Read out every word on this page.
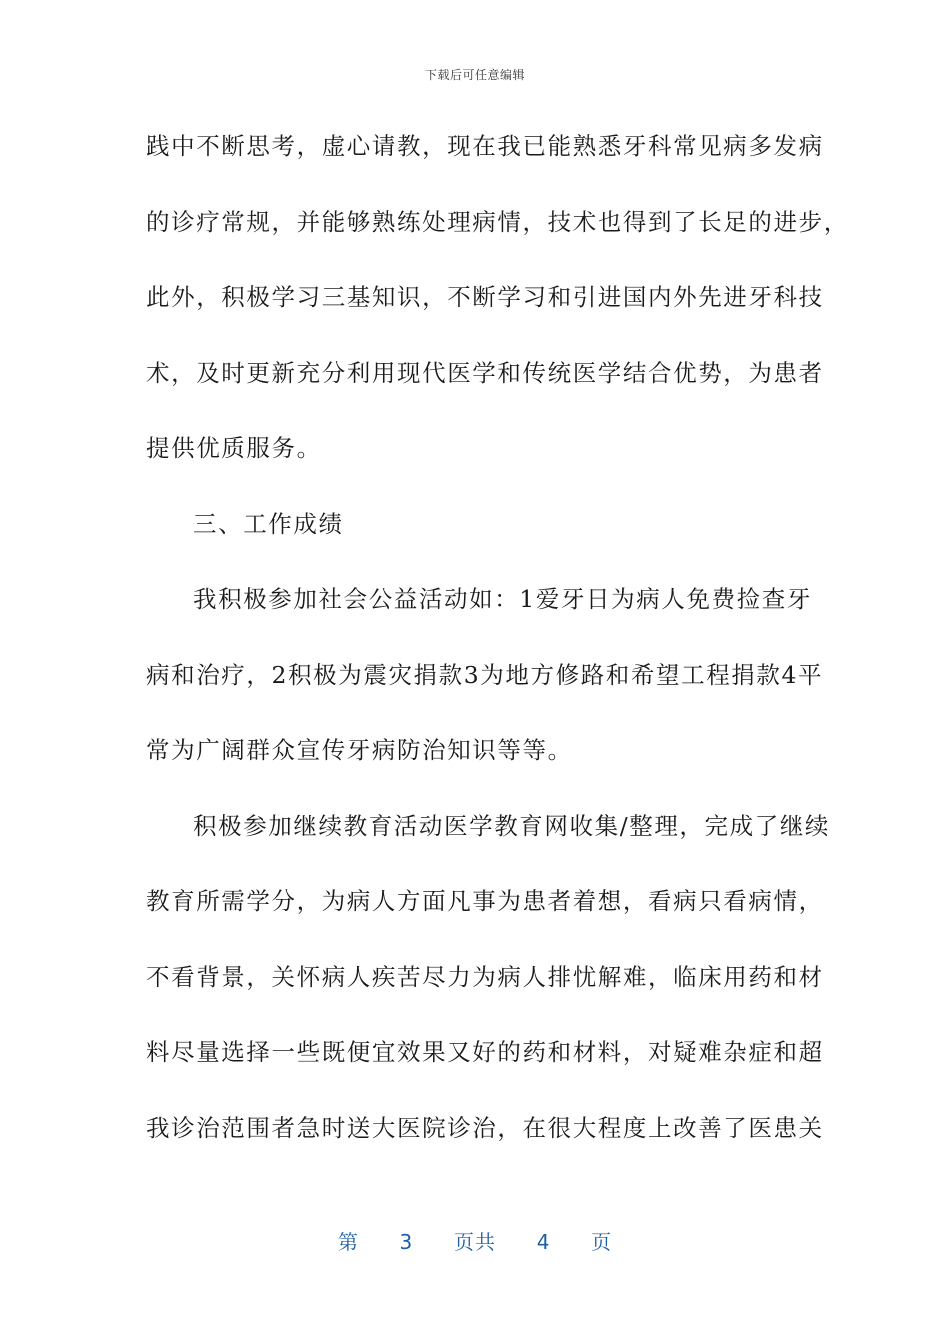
下载后可任意编辑
践中不断思考，虚心请教，现在我已能熟悉牙科常见病多发病
的诊疗常规，并能够熟练处理病情，技术也得到了长足的进步，
此外，积极学习三基知识，不断学习和引进国内外先进牙科技
术，及时更新充分利用现代医学和传统医学结合优势，为患者
提供优质服务。
三、工作成绩
我积极参加社会公益活动如：1爱牙日为病人免费捡查牙
病和治疗，2积极为震灾捐款3为地方修路和希望工程捐款4平
常为广阔群众宣传牙病防治知识等等。
积极参加继续教育活动医学教育网收集/整理，完成了继续
教育所需学分，为病人方面凡事为患者着想，看病只看病情，
不看背景，关怀病人疾苦尽力为病人排忧解难，临床用药和材
料尽量选择一些既便宜效果又好的药和材料，对疑难杂症和超
我诊治范围者急时送大医院诊治，在很大程度上改善了医患关
第 3 页共 4 页
